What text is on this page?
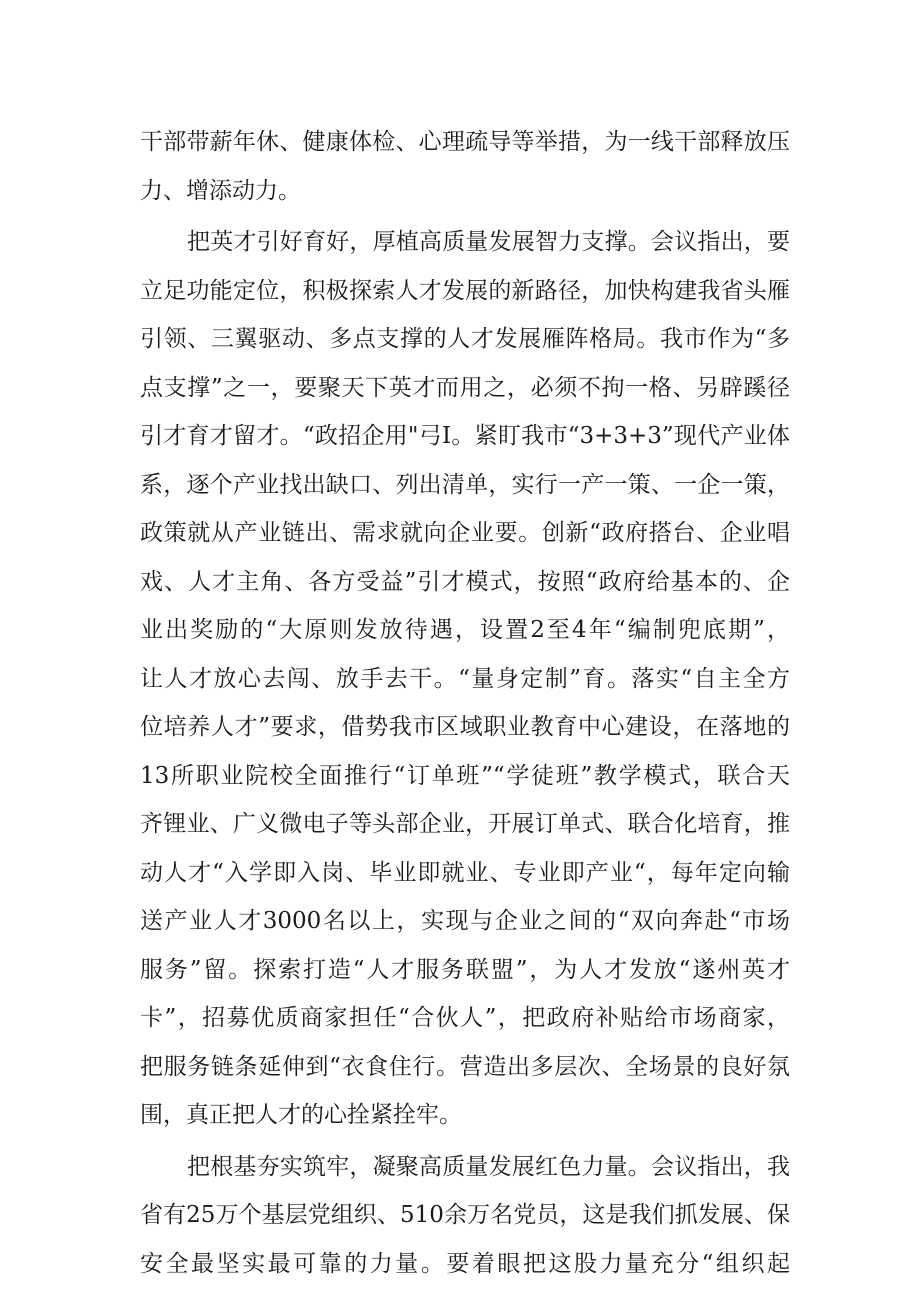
干部带薪年休、健康体检、心理疏导等举措，为一线干部释放压
力、增添动力。
把英才引好育好，厚植高质量发展智力支撑。会议指出，要
立足功能定位，积极探索人才发展的新路径，加快构建我省头雁
引领、三翼驱动、多点支撑的人才发展雁阵格局。我市作为“多
点支撑”之一，要聚天下英才而用之，必须不拘一格、另辟蹊径
引才育才留才。“政招企用"弓I。紧盯我市“3+3+3”现代产业体
系，逐个产业找出缺口、列出清单，实行一产一策、一企一策，
政策就从产业链出、需求就向企业要。创新“政府搭台、企业唱
戏、人才主角、各方受益”引才模式，按照“政府给基本的、企
业出奖励的“大原则发放待遇，设置2至4年“编制兜底期”，
让人才放心去闯、放手去干。“量身定制”育。落实“自主全方
位培养人才”要求，借势我市区域职业教育中心建设，在落地的
13所职业院校全面推行“订单班”“学徒班”教学模式，联合天
齐锂业、广义微电子等头部企业，开展订单式、联合化培育，推
动人才“入学即入岗、毕业即就业、专业即产业“，每年定向输
送产业人才3000名以上，实现与企业之间的“双向奔赴“市场
服务”留。探索打造“人才服务联盟”，为人才发放“遂州英才
卡”，招募优质商家担任“合伙人”，把政府补贴给市场商家，
把服务链条延伸到“衣食住行。营造出多层次、全场景的良好氛
围，真正把人才的心拴紧拴牢。
把根基夯实筑牢，凝聚高质量发展红色力量。会议指出，我
省有25万个基层党组织、510余万名党员，这是我们抓发展、保
安全最坚实最可靠的力量。要着眼把这股力量充分“组织起
